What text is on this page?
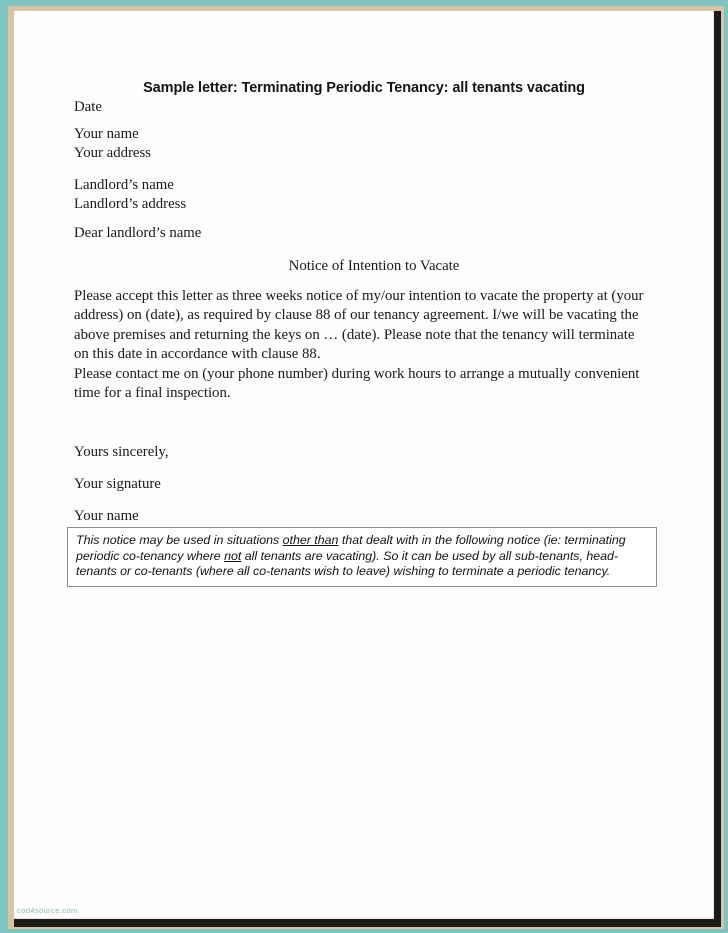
Sample letter: Terminating Periodic Tenancy: all tenants vacating
Date
Your name
Your address
Landlord’s name
Landlord’s address
Dear landlord’s name
Notice of Intention to Vacate
Please accept this letter as three weeks notice of my/our intention to vacate the property at (your address) on (date), as required by clause 88 of our tenancy agreement. I/we will be vacating the above premises and returning the keys on … (date). Please note that the tenancy will terminate on this date in accordance with clause 88.
Please contact me on (your phone number) during work hours to arrange a mutually convenient time for a final inspection.
Yours sincerely,
Your signature
Your name
This notice may be used in situations other than that dealt with in the following notice (ie: terminating periodic co-tenancy where not all tenants are vacating). So it can be used by all sub-tenants, head-tenants or co-tenants (where all co-tenants wish to leave) wishing to terminate a periodic tenancy.
cod4source.com
